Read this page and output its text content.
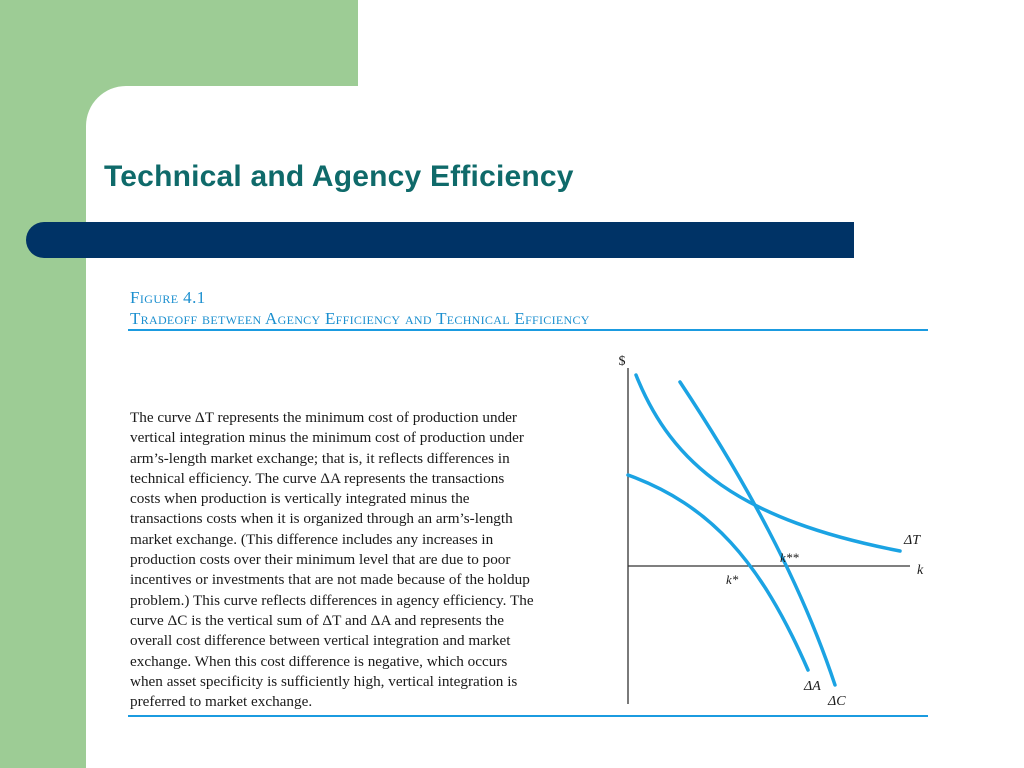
Technical and Agency Efficiency
Figure 4.1
Tradeoff between Agency Efficiency and Technical Efficiency
The curve ΔT represents the minimum cost of production under
vertical integration minus the minimum cost of production under
arm’s-length market exchange; that is, it reflects differences in
technical efficiency. The curve ΔA represents the transactions
costs when production is vertically integrated minus the
transactions costs when it is organized through an arm’s-length
market exchange. (This difference includes any increases in
production costs over their minimum level that are due to poor
incentives or investments that are not made because of the holdup
problem.) This curve reflects differences in agency efficiency. The
curve ΔC is the vertical sum of ΔT and ΔA and represents the
overall cost difference between vertical integration and market
exchange. When this cost difference is negative, which occurs
when asset specificity is sufficiently high, vertical integration is
preferred to market exchange.
$
k
ΔT
ΔA
ΔC
k**
k*
